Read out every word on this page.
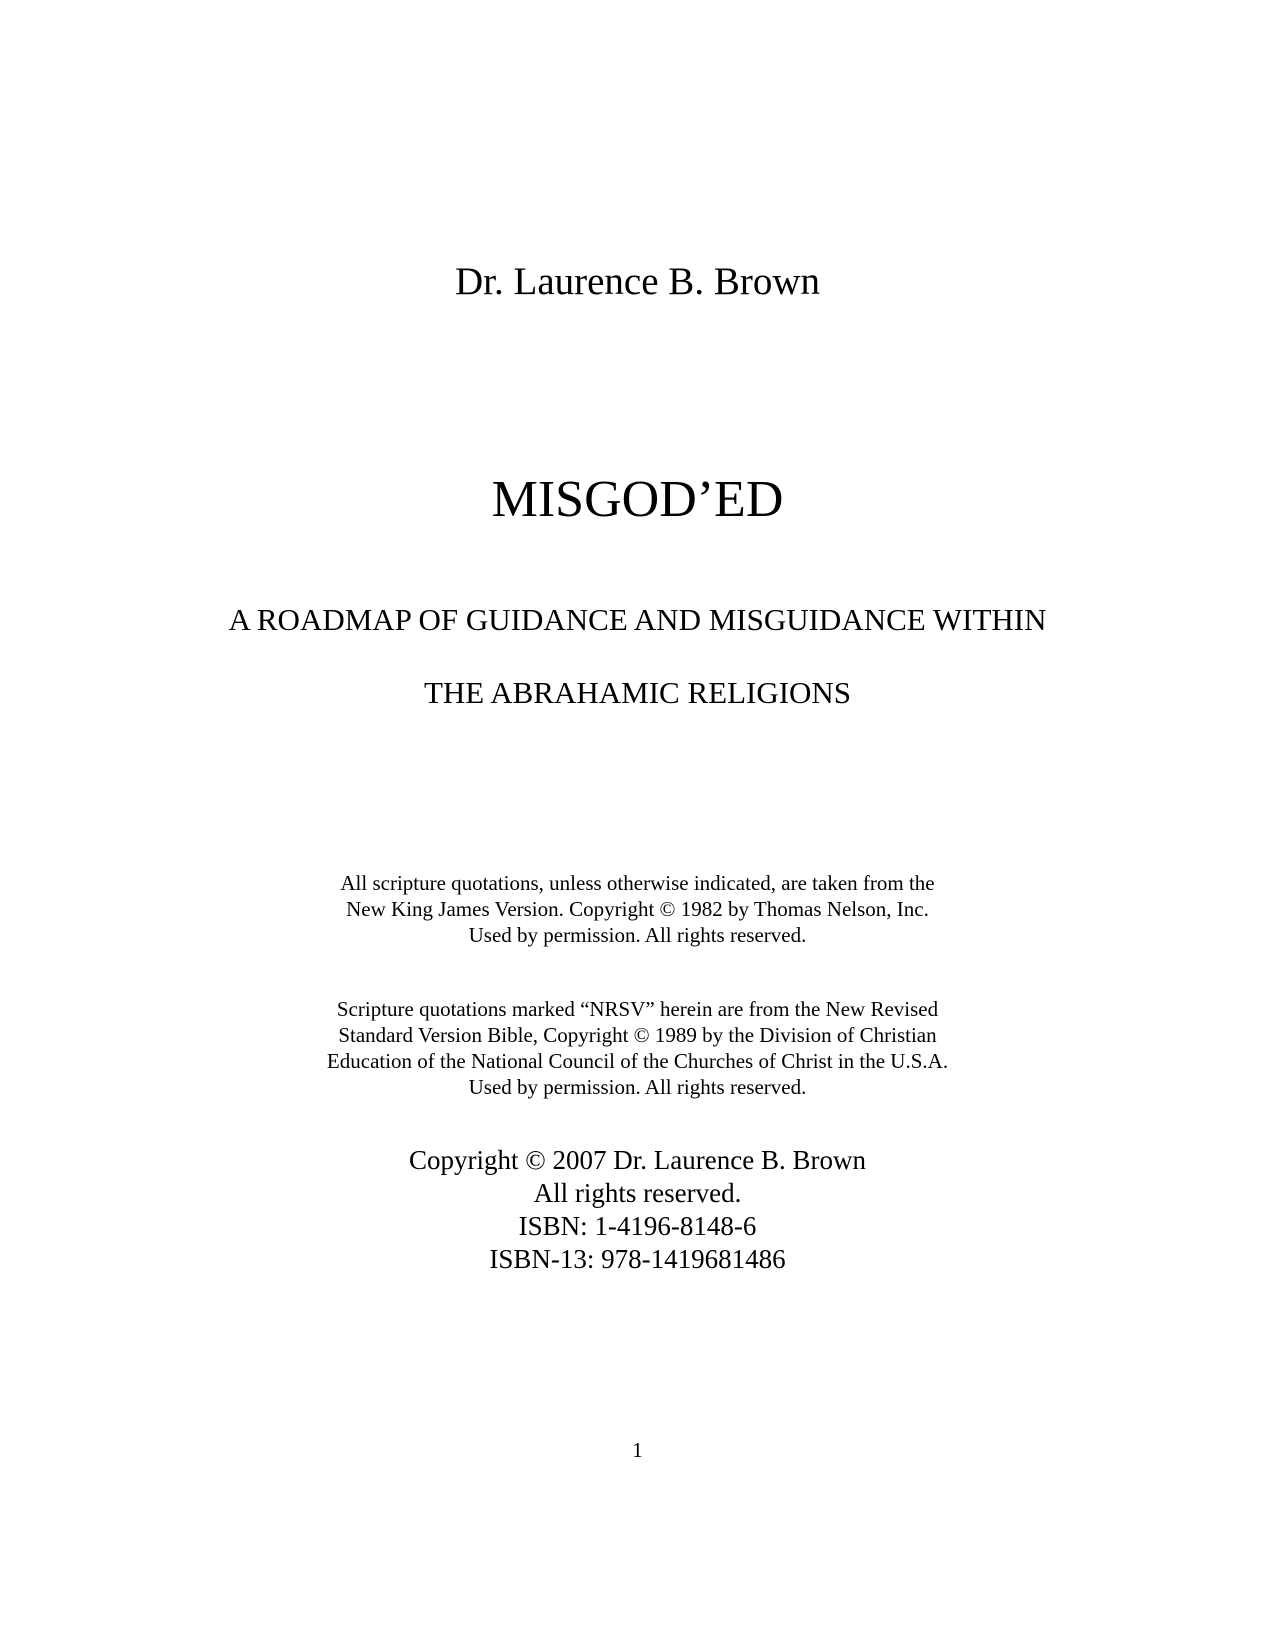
Dr. Laurence B. Brown
MISGOD’ED
A ROADMAP OF GUIDANCE AND MISGUIDANCE WITHIN
THE ABRAHAMIC RELIGIONS
All scripture quotations, unless otherwise indicated, are taken from the
New King James Version. Copyright © 1982 by Thomas Nelson, Inc.
Used by permission. All rights reserved.
Scripture quotations marked “NRSV” herein are from the New Revised
Standard Version Bible, Copyright © 1989 by the Division of Christian
Education of the National Council of the Churches of Christ in the U.S.A.
Used by permission. All rights reserved.
Copyright © 2007 Dr. Laurence B. Brown
All rights reserved.
ISBN: 1-4196-8148-6
ISBN-13: 978-1419681486
1
